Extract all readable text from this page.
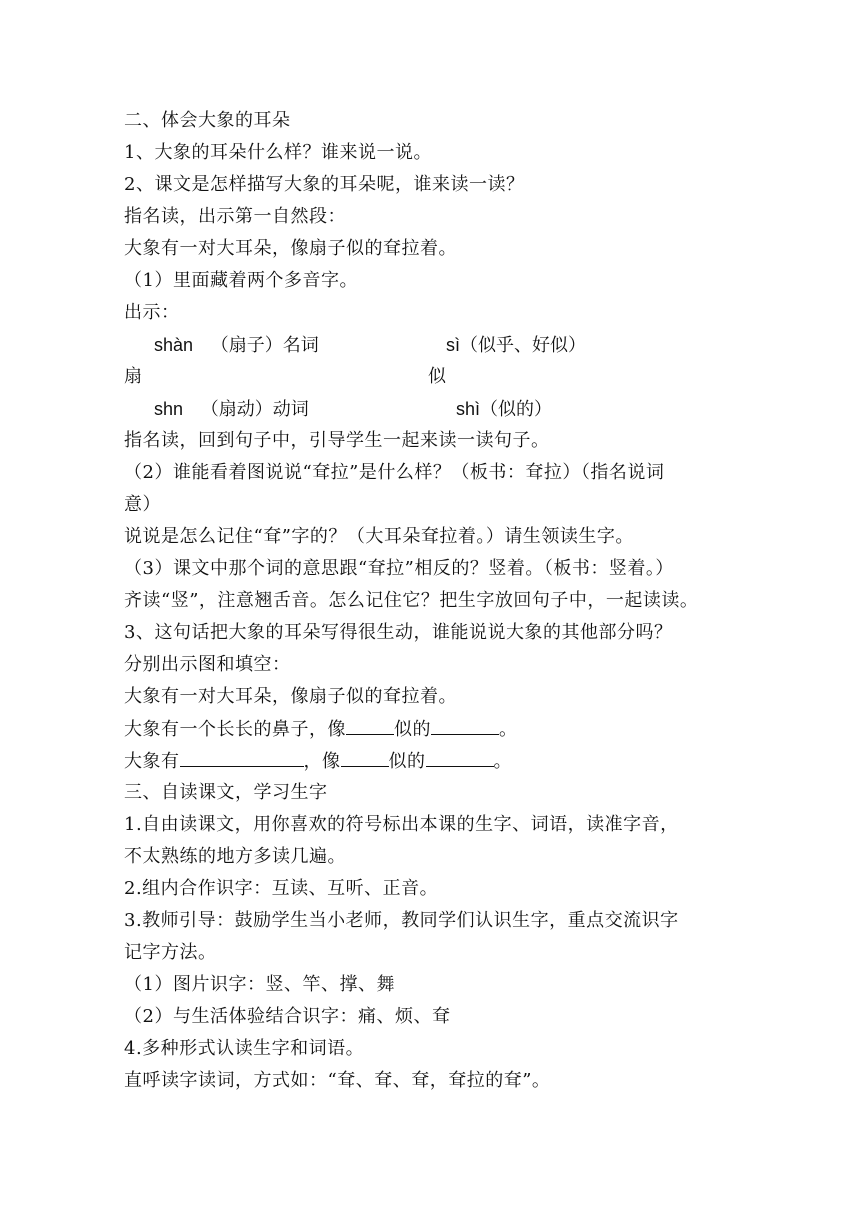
二、体会大象的耳朵
1、大象的耳朵什么样？谁来说一说。
2、课文是怎样描写大象的耳朵呢，谁来读一读？
指名读，出示第一自然段：
大象有一对大耳朵，像扇子似的耷拉着。
（1）里面藏着两个多音字。
出示：
shàn （扇子）名词	sì（似乎、好似）
扇	似
shn （扇动）动词	shì（似的）
指名读，回到句子中，引导学生一起来读一读句子。
（2）谁能看着图说说“耷拉”是什么样？（板书：耷拉）（指名说词
意）
说说是怎么记住“耷”字的？（大耳朵耷拉着。）请生领读生字。
（3）课文中那个词的意思跟“耷拉”相反的？竖着。（板书：竖着。）
齐读“竖”，注意翘舌音。怎么记住它？把生字放回句子中，一起读读。
3、这句话把大象的耳朵写得很生动，谁能说说大象的其他部分吗？
分别出示图和填空：
大象有一对大耳朵，像扇子似的耷拉着。
大象有一个长长的鼻子，像	似的	。
大象有	，像	似的	。
三、自读课文，学习生字
1.自由读课文，用你喜欢的符号标出本课的生字、词语，读准字音，
不太熟练的地方多读几遍。
2.组内合作识字：互读、互听、正音。
3.教师引导：鼓励学生当小老师，教同学们认识生字，重点交流识字
记字方法。
（1）图片识字：竖、竿、撑、舞
（2）与生活体验结合识字：痛、烦、耷
4.多种形式认读生字和词语。
直呼读字读词，方式如：“耷、耷、耷，耷拉的耷”。
